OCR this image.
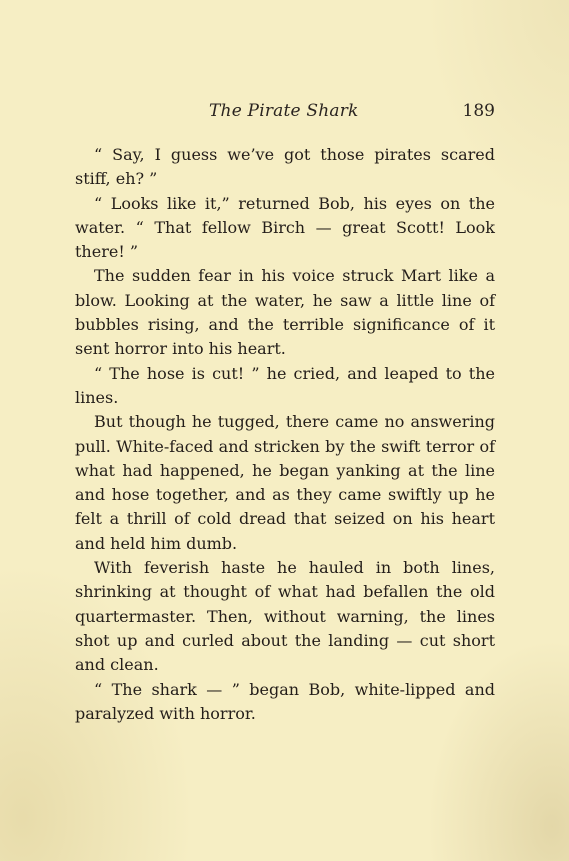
The Pirate Shark	189

“ Say, I guess we’ve got those pirates scared stiff, eh? ”

“ Looks like it,” returned Bob, his eyes on the water. “ That fellow Birch — great Scott! Look there! ”

The sudden fear in his voice struck Mart like a blow. Looking at the water, he saw a little line of bubbles rising, and the terrible significance of it sent horror into his heart.

“ The hose is cut! ” he cried, and leaped to the lines.

But though he tugged, there came no answering pull. White-faced and stricken by the swift terror of what had happened, he began yanking at the line and hose together, and as they came swiftly up he felt a thrill of cold dread that seized on his heart and held him dumb.

With feverish haste he hauled in both lines, shrinking at thought of what had befallen the old quartermaster. Then, without warning, the lines shot up and curled about the landing — cut short and clean.

“ The shark — ” began Bob, white-lipped and paralyzed with horror.
